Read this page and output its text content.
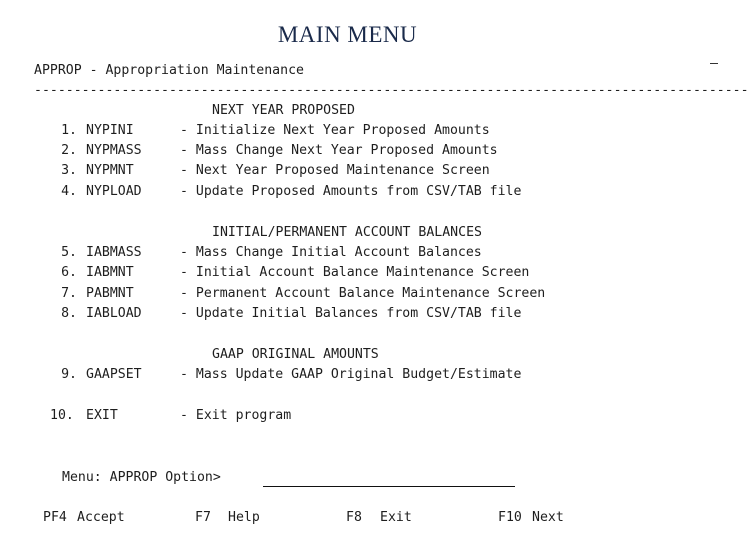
MAIN MENU
APPROP - Appropriation Maintenance
------------------------------------------------------------------------------------------
NEXT YEAR PROPOSED
1. NYPINI	- Initialize Next Year Proposed Amounts
2. NYPMASS	- Mass Change Next Year Proposed Amounts
3. NYPMNT	- Next Year Proposed Maintenance Screen
4. NYPLOAD	- Update Proposed Amounts from CSV/TAB file
INITIAL/PERMANENT ACCOUNT BALANCES
5. IABMASS	- Mass Change Initial Account Balances
6. IABMNT	- Initial Account Balance Maintenance Screen
7. PABMNT	- Permanent Account Balance Maintenance Screen
8. IABLOAD	- Update Initial Balances from CSV/TAB file
GAAP ORIGINAL AMOUNTS
9. GAAPSET	- Mass Update GAAP Original Budget/Estimate
10. EXIT	- Exit program
Menu: APPROP Option>
PF4 Accept	F7 Help	F8 Exit	F10 Next
